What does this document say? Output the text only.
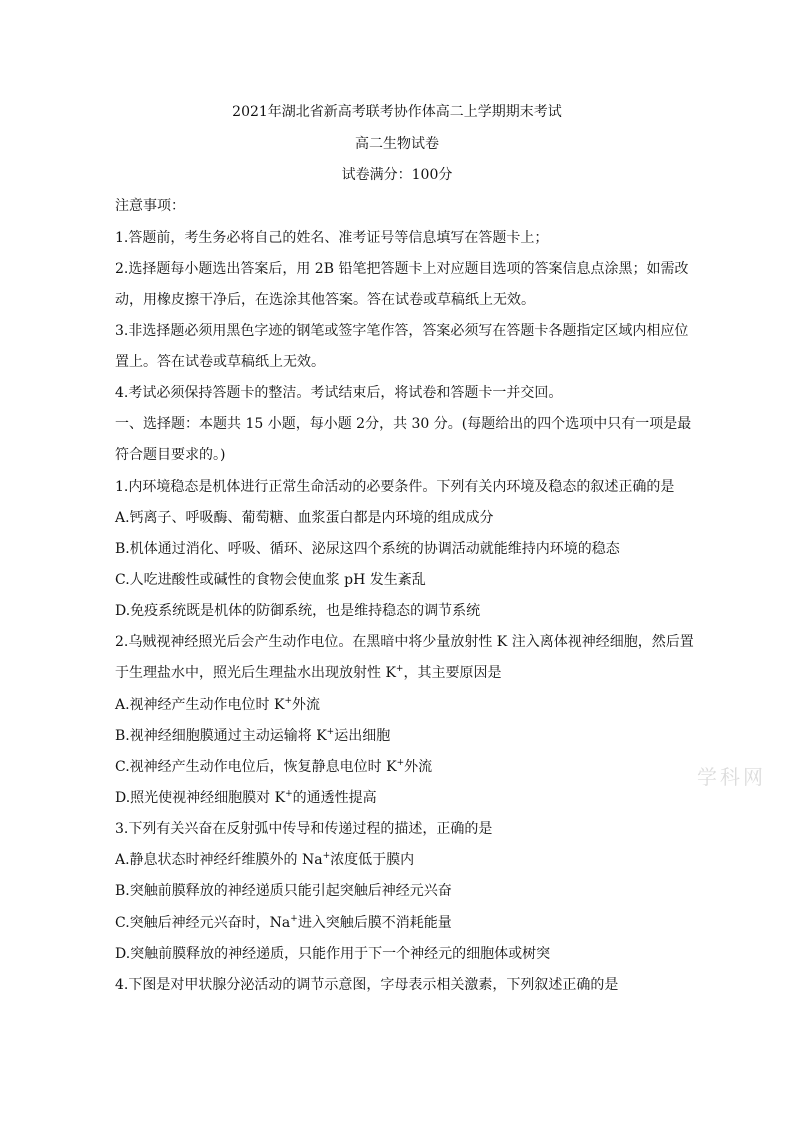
2021年湖北省新高考联考协作体高二上学期期末考试
高二生物试卷
试卷满分：100分
注意事项：
1.答题前，考生务必将自己的姓名、准考证号等信息填写在答题卡上；
2.选择题每小题选出答案后，用 2B 铅笔把答题卡上对应题目选项的答案信息点涂黑；如需改
动，用橡皮擦干净后，在选涂其他答案。答在试卷或草稿纸上无效。
3.非选择题必须用黑色字迹的钢笔或签字笔作答，答案必须写在答题卡各题指定区域内相应位
置上。答在试卷或草稿纸上无效。
4.考试必须保持答题卡的整洁。考试结束后，将试卷和答题卡一并交回。
一、选择题：本题共 15 小题，每小题 2分，共 30 分。(每题给出的四个选项中只有一项是最
符合题目要求的。)
1.内环境稳态是机体进行正常生命活动的必要条件。下列有关内环境及稳态的叙述正确的是
A.钙离子、呼吸酶、葡萄糖、血浆蛋白都是内环境的组成成分
B.机体通过消化、呼吸、循环、泌尿这四个系统的协调活动就能维持内环境的稳态
C.人吃进酸性或碱性的食物会使血浆 pH 发生紊乱
D.免疫系统既是机体的防御系统，也是维持稳态的调节系统
2.乌贼视神经照光后会产生动作电位。在黑暗中将少量放射性 K 注入离体视神经细胞，然后置
于生理盐水中，照光后生理盐水出现放射性 K+，其主要原因是
A.视神经产生动作电位时 K+外流
B.视神经细胞膜通过主动运输将 K+运出细胞
C.视神经产生动作电位后，恢复静息电位时 K+外流
D.照光使视神经细胞膜对 K+的通透性提高
3.下列有关兴奋在反射弧中传导和传递过程的描述，正确的是
A.静息状态时神经纤维膜外的 Na+浓度低于膜内
B.突触前膜释放的神经递质只能引起突触后神经元兴奋
C.突触后神经元兴奋时，Na+进入突触后膜不消耗能量
D.突触前膜释放的神经递质，只能作用于下一个神经元的细胞体或树突
4.下图是对甲状腺分泌活动的调节示意图，字母表示相关激素，下列叙述正确的是
学科网
